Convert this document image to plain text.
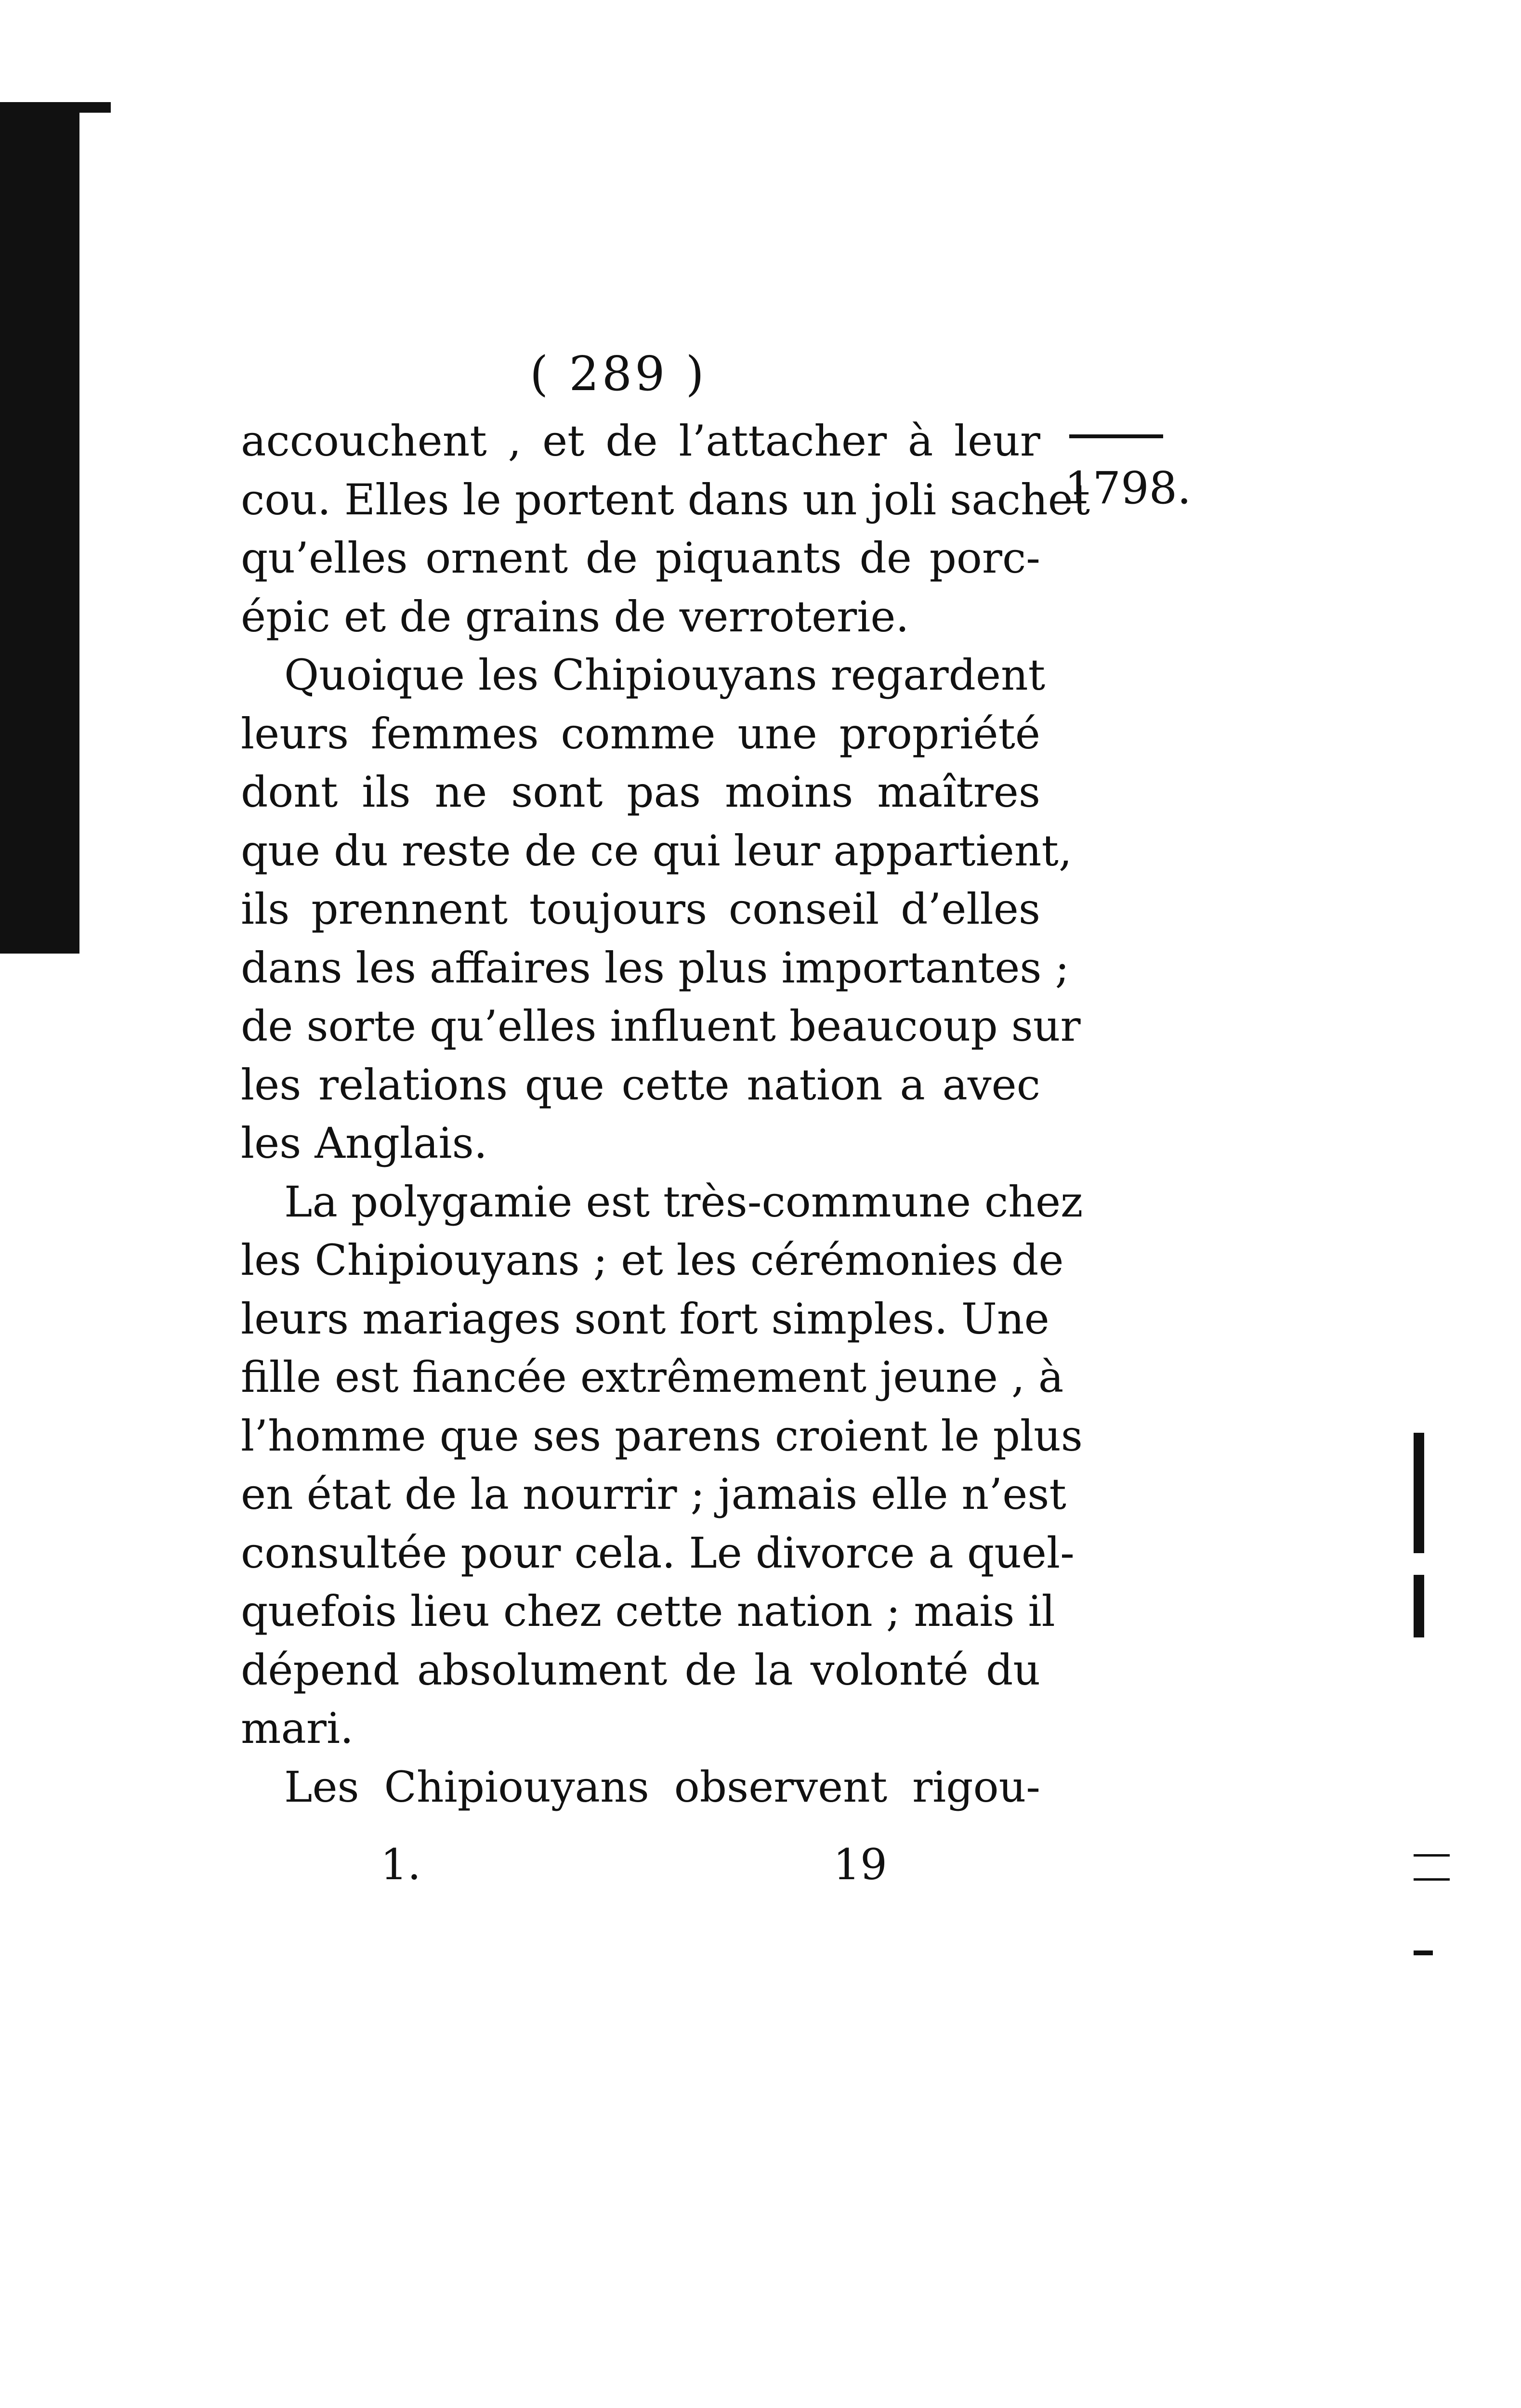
( 289 )
1798.
accouchent , et de l’attacher à leur
cou. Elles le portent dans un joli sachet
qu’elles ornent de piquants de porc-
épic et de grains de verroterie.
Quoique les Chipiouyans regardent
leurs femmes comme une propriété
dont ils ne sont pas moins maîtres
que du reste de ce qui leur appartient,
ils prennent toujours conseil d’elles
dans les affaires les plus importantes ;
de sorte qu’elles influent beaucoup sur
les relations que cette nation a avec
les Anglais.
La polygamie est très-commune chez
les Chipiouyans ; et les cérémonies de
leurs mariages sont fort simples. Une
fille est fiancée extrêmement jeune , à
l’homme que ses parens croient le plus
en état de la nourrir ; jamais elle n’est
consultée pour cela. Le divorce a quel-
quefois lieu chez cette nation ; mais il
dépend absolument de la volonté du
mari.
Les Chipiouyans observent rigou-
1.	19
